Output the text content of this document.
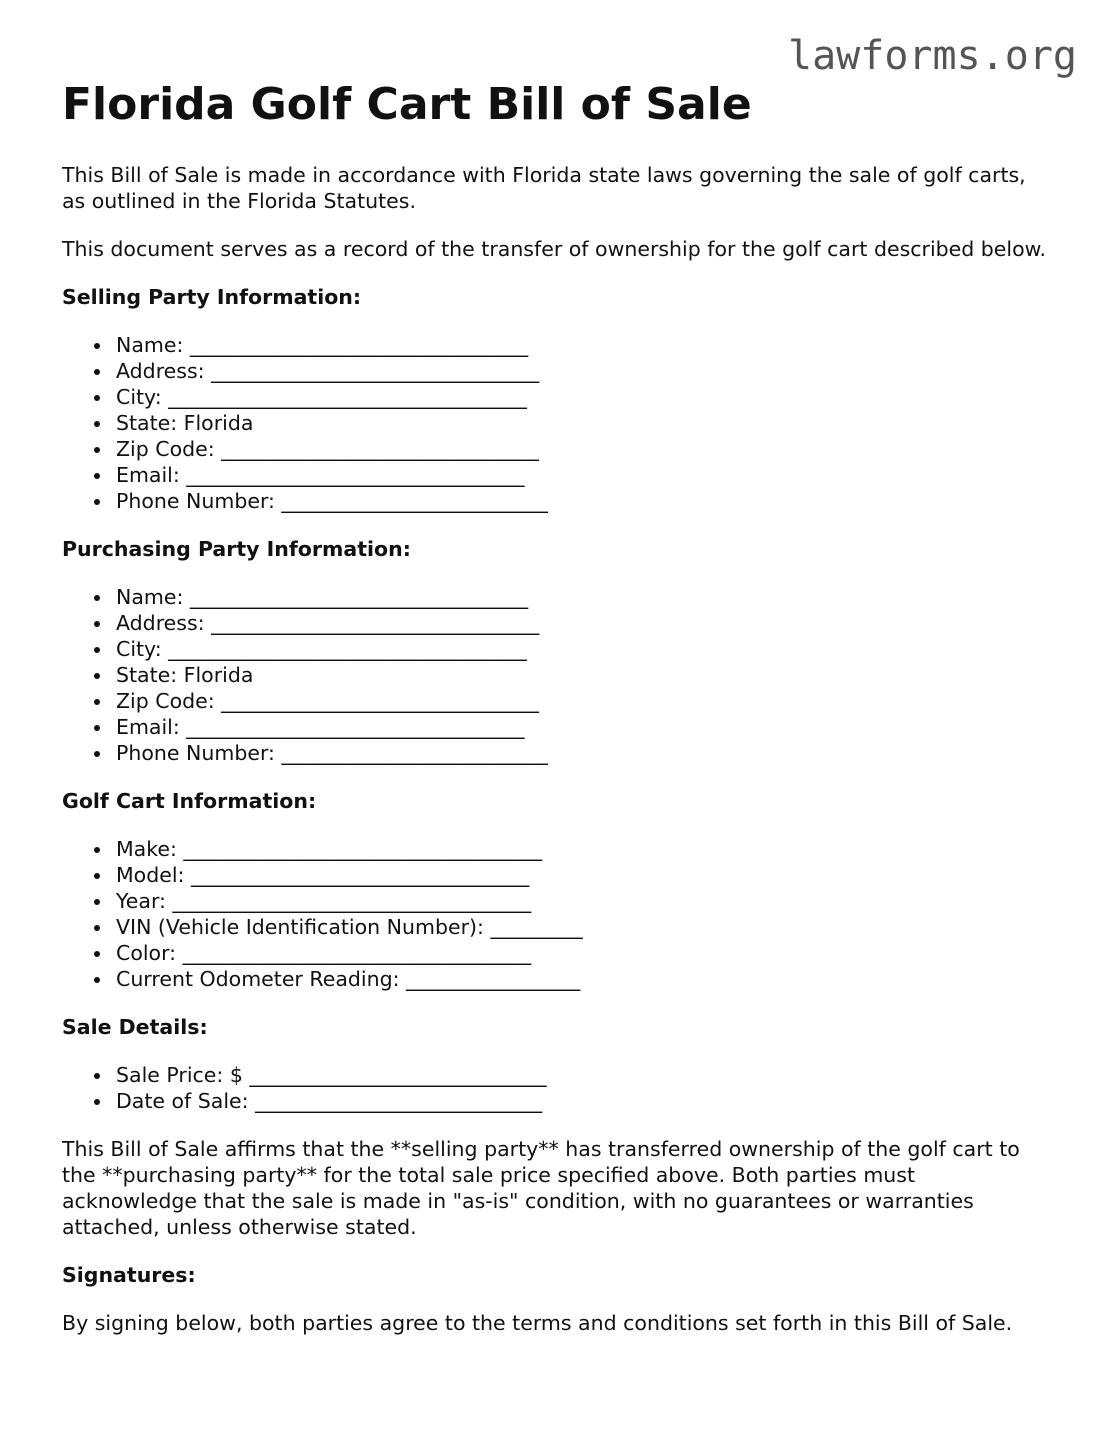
lawforms.org
Florida Golf Cart Bill of Sale

This Bill of Sale is made in accordance with Florida state laws governing the sale of golf carts, as outlined in the Florida Statutes.

This document serves as a record of the transfer of ownership for the golf cart described below.

Selling Party Information:
Name: _________________________________
Address: ________________________________
City: ___________________________________
State: Florida
Zip Code: _______________________________
Email: _________________________________
Phone Number: __________________________
Purchasing Party Information:
Name: _________________________________
Address: ________________________________
City: ___________________________________
State: Florida
Zip Code: _______________________________
Email: _________________________________
Phone Number: __________________________
Golf Cart Information:
Make: ___________________________________
Model: _________________________________
Year: ___________________________________
VIN (Vehicle Identification Number): _________
Color: __________________________________
Current Odometer Reading: _________________
Sale Details:
Sale Price: $ _____________________________
Date of Sale: ____________________________

This Bill of Sale affirms that the **selling party** has transferred ownership of the golf cart to the **purchasing party** for the total sale price specified above. Both parties must acknowledge that the sale is made in "as-is" condition, with no guarantees or warranties attached, unless otherwise stated.

Signatures:

By signing below, both parties agree to the terms and conditions set forth in this Bill of Sale.
